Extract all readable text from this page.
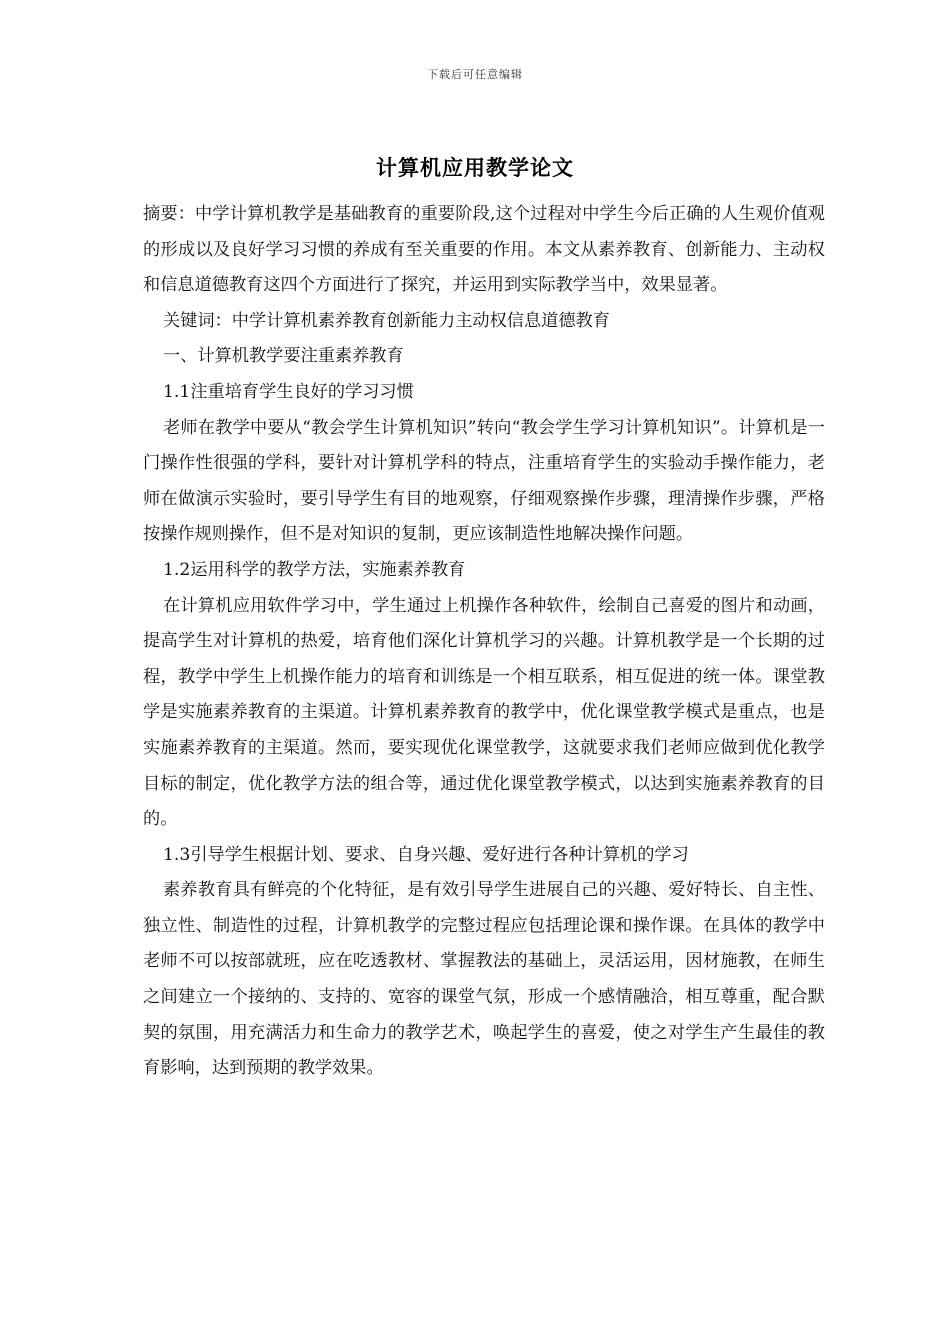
下载后可任意编辑
计算机应用教学论文

摘要：中学计算机教学是基础教育的重要阶段,这个过程对中学生今后正确的人生观价值观的形成以及良好学习习惯的养成有至关重要的作用。本文从素养教育、创新能力、主动权和信息道德教育这四个方面进行了探究，并运用到实际教学当中，效果显著。

关键词：中学计算机素养教育创新能力主动权信息道德教育

一、计算机教学要注重素养教育

1.1注重培育学生良好的学习习惯

老师在教学中要从“教会学生计算机知识”转向“教会学生学习计算机知识”。计算机是一门操作性很强的学科，要针对计算机学科的特点，注重培育学生的实验动手操作能力，老师在做演示实验时，要引导学生有目的地观察，仔细观察操作步骤，理清操作步骤，严格按操作规则操作，但不是对知识的复制，更应该制造性地解决操作问题。

1.2运用科学的教学方法，实施素养教育

在计算机应用软件学习中，学生通过上机操作各种软件，绘制自己喜爱的图片和动画，提高学生对计算机的热爱，培育他们深化计算机学习的兴趣。计算机教学是一个长期的过程，教学中学生上机操作能力的培育和训练是一个相互联系，相互促进的统一体。课堂教学是实施素养教育的主渠道。计算机素养教育的教学中，优化课堂教学模式是重点，也是实施素养教育的主渠道。然而，要实现优化课堂教学，这就要求我们老师应做到优化教学目标的制定，优化教学方法的组合等，通过优化课堂教学模式，以达到实施素养教育的目的。

1.3引导学生根据计划、要求、自身兴趣、爱好进行各种计算机的学习

素养教育具有鲜亮的个化特征，是有效引导学生进展自己的兴趣、爱好特长、自主性、独立性、制造性的过程，计算机教学的完整过程应包括理论课和操作课。在具体的教学中老师不可以按部就班，应在吃透教材、掌握教法的基础上，灵活运用，因材施教，在师生之间建立一个接纳的、支持的、宽容的课堂气氛，形成一个感情融洽，相互尊重，配合默契的氛围，用充满活力和生命力的教学艺术，唤起学生的喜爱，使之对学生产生最佳的教育影响，达到预期的教学效果。
